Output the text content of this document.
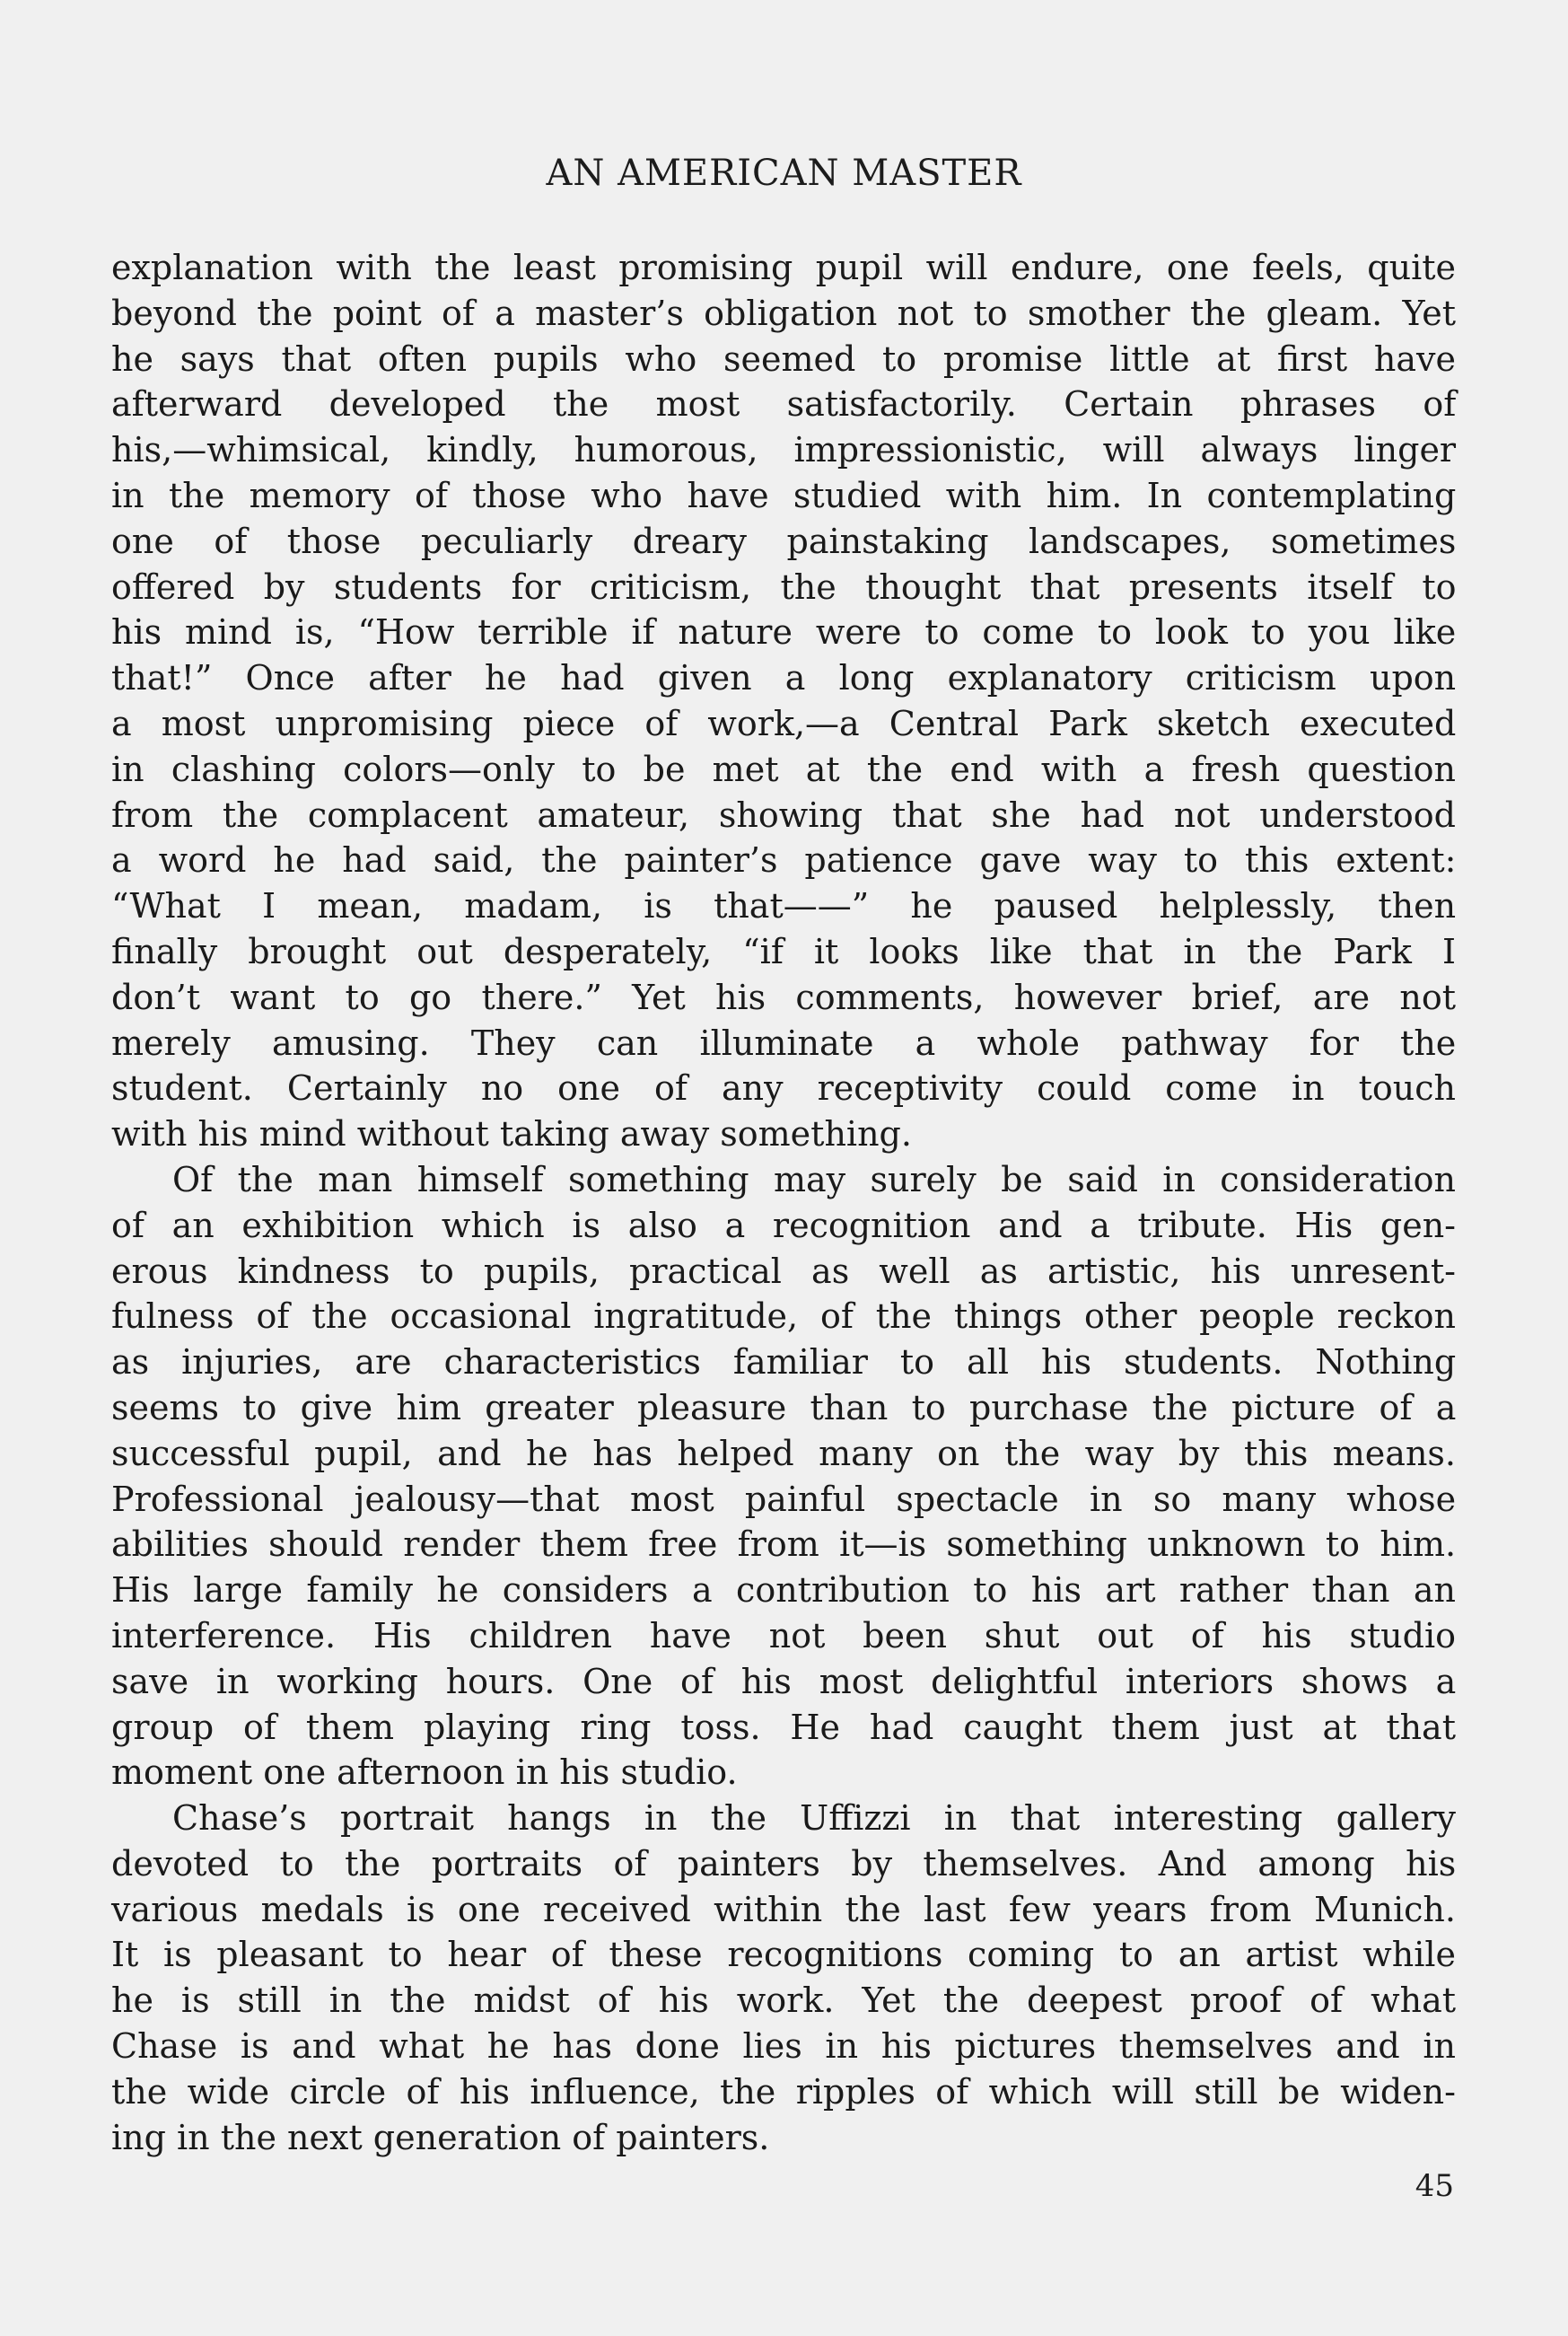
AN AMERICAN MASTER

explanation with the least promising pupil will endure, one feels, quite
beyond the point of a master’s obligation not to smother the gleam. Yet
he says that often pupils who seemed to promise little at first have
afterward developed the most satisfactorily. Certain phrases of
his,—whimsical, kindly, humorous, impressionistic, will always linger
in the memory of those who have studied with him. In contemplating
one of those peculiarly dreary painstaking landscapes, sometimes
offered by students for criticism, the thought that presents itself to
his mind is, “How terrible if nature were to come to look to you like
that!” Once after he had given a long explanatory criticism upon
a most unpromising piece of work,—a Central Park sketch executed
in clashing colors—only to be met at the end with a fresh question
from the complacent amateur, showing that she had not understood
a word he had said, the painter’s patience gave way to this extent:
“What I mean, madam, is that——” he paused helplessly, then
finally brought out desperately, “if it looks like that in the Park I
don’t want to go there.” Yet his comments, however brief, are not
merely amusing. They can illuminate a whole pathway for the
student. Certainly no one of any receptivity could come in touch
with his mind without taking away something.

Of the man himself something may surely be said in consideration
of an exhibition which is also a recognition and a tribute. His gen-
erous kindness to pupils, practical as well as artistic, his unresent-
fulness of the occasional ingratitude, of the things other people reckon
as injuries, are characteristics familiar to all his students. Nothing
seems to give him greater pleasure than to purchase the picture of a
successful pupil, and he has helped many on the way by this means.
Professional jealousy—that most painful spectacle in so many whose
abilities should render them free from it—is something unknown to him.
His large family he considers a contribution to his art rather than an
interference. His children have not been shut out of his studio
save in working hours. One of his most delightful interiors shows a
group of them playing ring toss. He had caught them just at that
moment one afternoon in his studio.

Chase’s portrait hangs in the Uffizzi in that interesting gallery
devoted to the portraits of painters by themselves. And among his
various medals is one received within the last few years from Munich.
It is pleasant to hear of these recognitions coming to an artist while
he is still in the midst of his work. Yet the deepest proof of what
Chase is and what he has done lies in his pictures themselves and in
the wide circle of his influence, the ripples of which will still be widen-
ing in the next generation of painters.

45
